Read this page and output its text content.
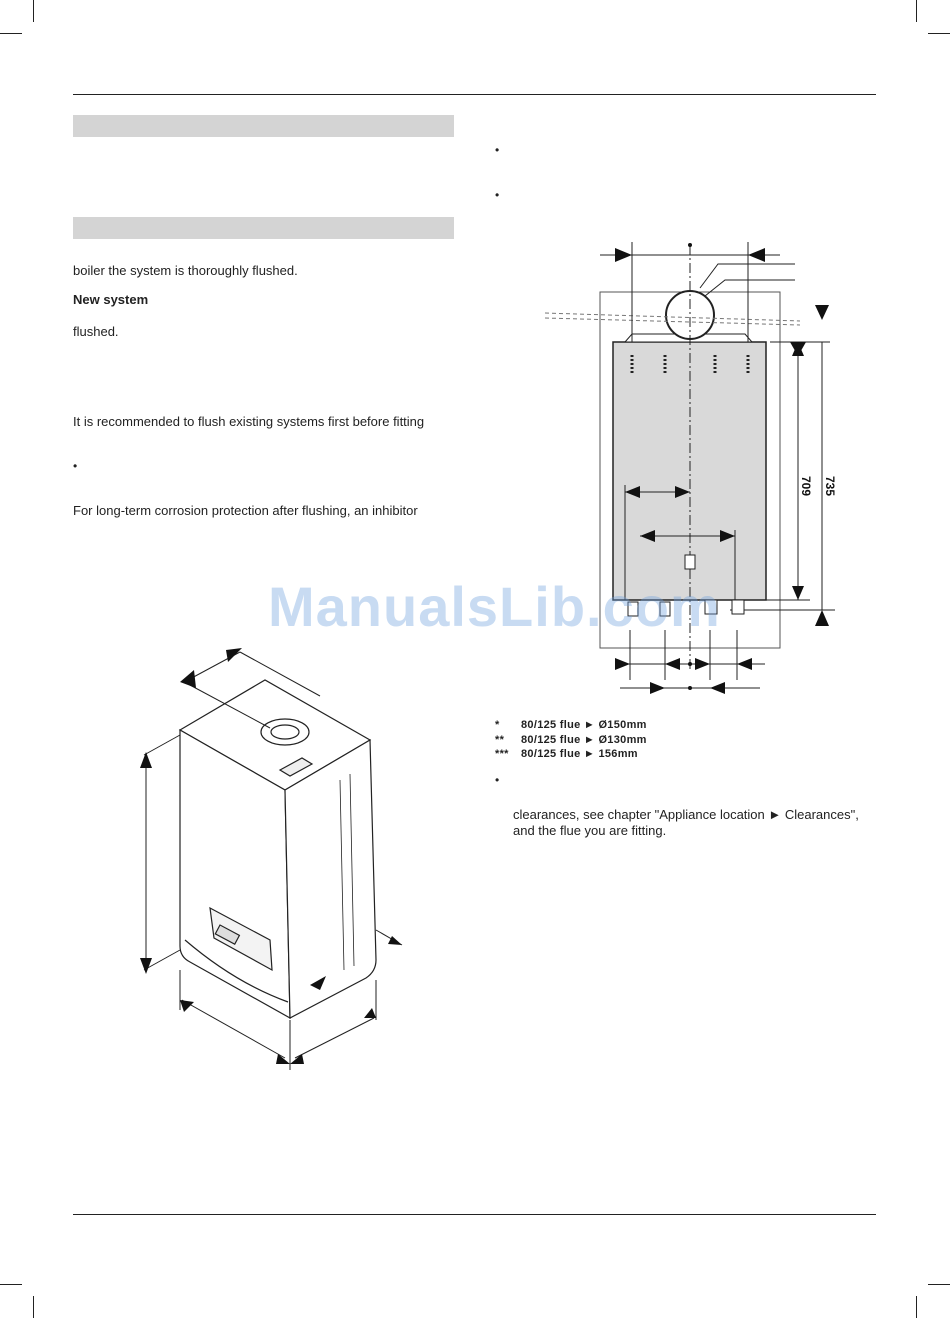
boiler the system is thoroughly flushed.
New system
flushed.
It is recommended to flush existing systems first before fitting
•
For long-term corrosion protection after flushing, an inhibitor
•
•
•
709 735
ManualsLib.com
* 80/125 flue ► Ø150mm
** 80/125 flue ► Ø130mm
*** 80/125 flue ► 156mm
clearances, see chapter "Appliance location ► Clearances",
and the flue you are fitting.
